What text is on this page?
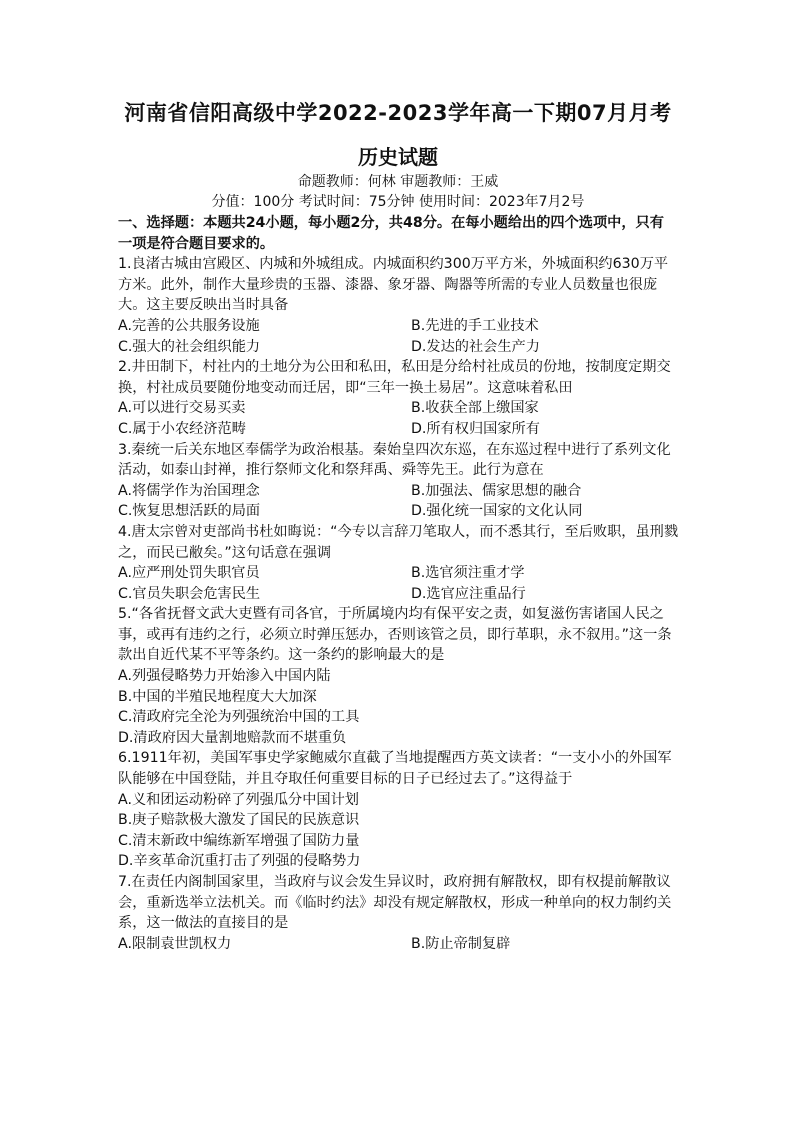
河南省信阳高级中学2022-2023学年高一下期07月月考
历史试题
命题教师：何林 审题教师：王威
分值：100分 考试时间：75分钟 使用时间：2023年7月2号
一、选择题：本题共24小题，每小题2分，共48分。在每小题给出的四个选项中，只有一项是符合题目要求的。

1.良渚古城由宫殿区、内城和外城组成。内城面积约300万平方米，外城面积约630万平方米。此外，制作大量珍贵的玉器、漆器、象牙器、陶器等所需的专业人员数量也很庞大。这主要反映出当时具备

A.完善的公共服务设施	B.先进的手工业技术
C.强大的社会组织能力	D.发达的社会生产力

2.井田制下，村社内的土地分为公田和私田，私田是分给村社成员的份地，按制度定期交换，村社成员要随份地变动而迁居，即“三年一换土易居”。这意味着私田

A.可以进行交易买卖	B.收获全部上缴国家
C.属于小农经济范畴	D.所有权归国家所有

3.秦统一后关东地区奉儒学为政治根基。秦始皇四次东巡，在东巡过程中进行了系列文化活动，如泰山封禅，推行祭师文化和祭拜禹、舜等先王。此行为意在

A.将儒学作为治国理念	B.加强法、儒家思想的融合
C.恢复思想活跃的局面	D.强化统一国家的文化认同

4.唐太宗曾对吏部尚书杜如晦说：“今专以言辞刀笔取人，而不悉其行，至后败职，虽刑戮之，而民已敝矣。”这句话意在强调

A.应严刑处罚失职官员	B.选官须注重才学
C.官员失职会危害民生	D.选官应注重品行

5.“各省抚督文武大吏暨有司各官，于所属境内均有保平安之责，如复滋伤害诸国人民之事，或再有违约之行，必须立时弹压惩办，否则该管之员，即行革职，永不叙用。”这一条款出自近代某不平等条约。这一条约的影响最大的是

A.列强侵略势力开始渗入中国内陆
B.中国的半殖民地程度大大加深
C.清政府完全沦为列强统治中国的工具
D.清政府因大量割地赔款而不堪重负

6.1911年初，美国军事史学家鲍威尔直截了当地提醒西方英文读者：“一支小小的外国军队能够在中国登陆，并且夺取任何重要目标的日子已经过去了。”这得益于

A.义和团运动粉碎了列强瓜分中国计划
B.庚子赔款极大激发了国民的民族意识
C.清末新政中编练新军增强了国防力量
D.辛亥革命沉重打击了列强的侵略势力

7.在责任内阁制国家里，当政府与议会发生异议时，政府拥有解散权，即有权提前解散议会，重新选举立法机关。而《临时约法》却没有规定解散权，形成一种单向的权力制约关系，这一做法的直接目的是

A.限制袁世凯权力	B.防止帝制复辟
